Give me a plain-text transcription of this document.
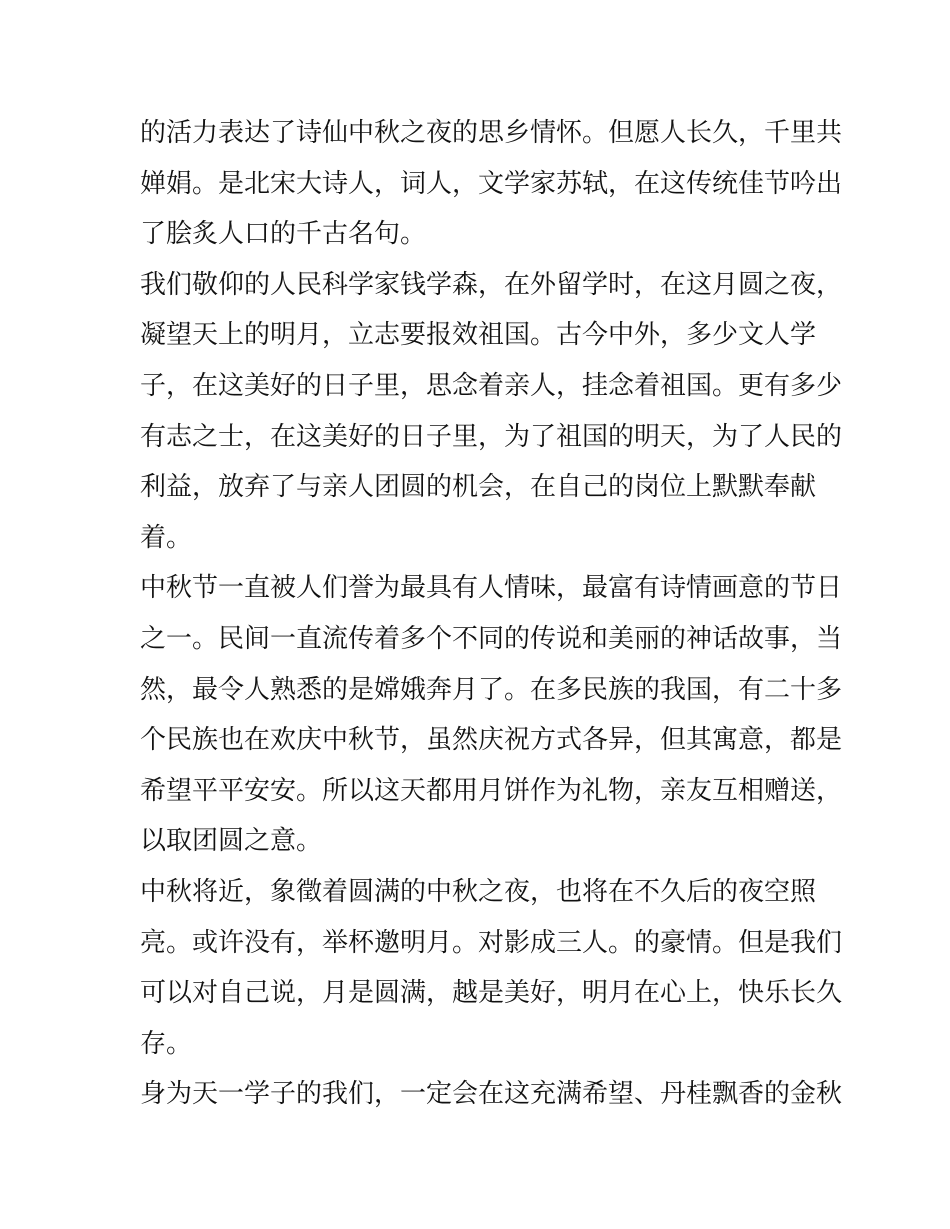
的活力表达了诗仙中秋之夜的思乡情怀。但愿人长久，千里共
婵娟。是北宋大诗人，词人，文学家苏轼，在这传统佳节吟出
了脍炙人口的千古名句。
我们敬仰的人民科学家钱学森，在外留学时，在这月圆之夜，
凝望天上的明月，立志要报效祖国。古今中外，多少文人学
子，在这美好的日子里，思念着亲人，挂念着祖国。更有多少
有志之士，在这美好的日子里，为了祖国的明天，为了人民的
利益，放弃了与亲人团圆的机会，在自己的岗位上默默奉献
着。
中秋节一直被人们誉为最具有人情味，最富有诗情画意的节日
之一。民间一直流传着多个不同的传说和美丽的神话故事，当
然，最令人熟悉的是嫦娥奔月了。在多民族的我国，有二十多
个民族也在欢庆中秋节，虽然庆祝方式各异，但其寓意，都是
希望平平安安。所以这天都用月饼作为礼物，亲友互相赠送，
以取团圆之意。
中秋将近，象徵着圆满的中秋之夜，也将在不久后的夜空照
亮。或许没有，举杯邀明月。对影成三人。的豪情。但是我们
可以对自己说，月是圆满，越是美好，明月在心上，快乐长久
存。
身为天一学子的我们，一定会在这充满希望、丹桂飘香的金秋
